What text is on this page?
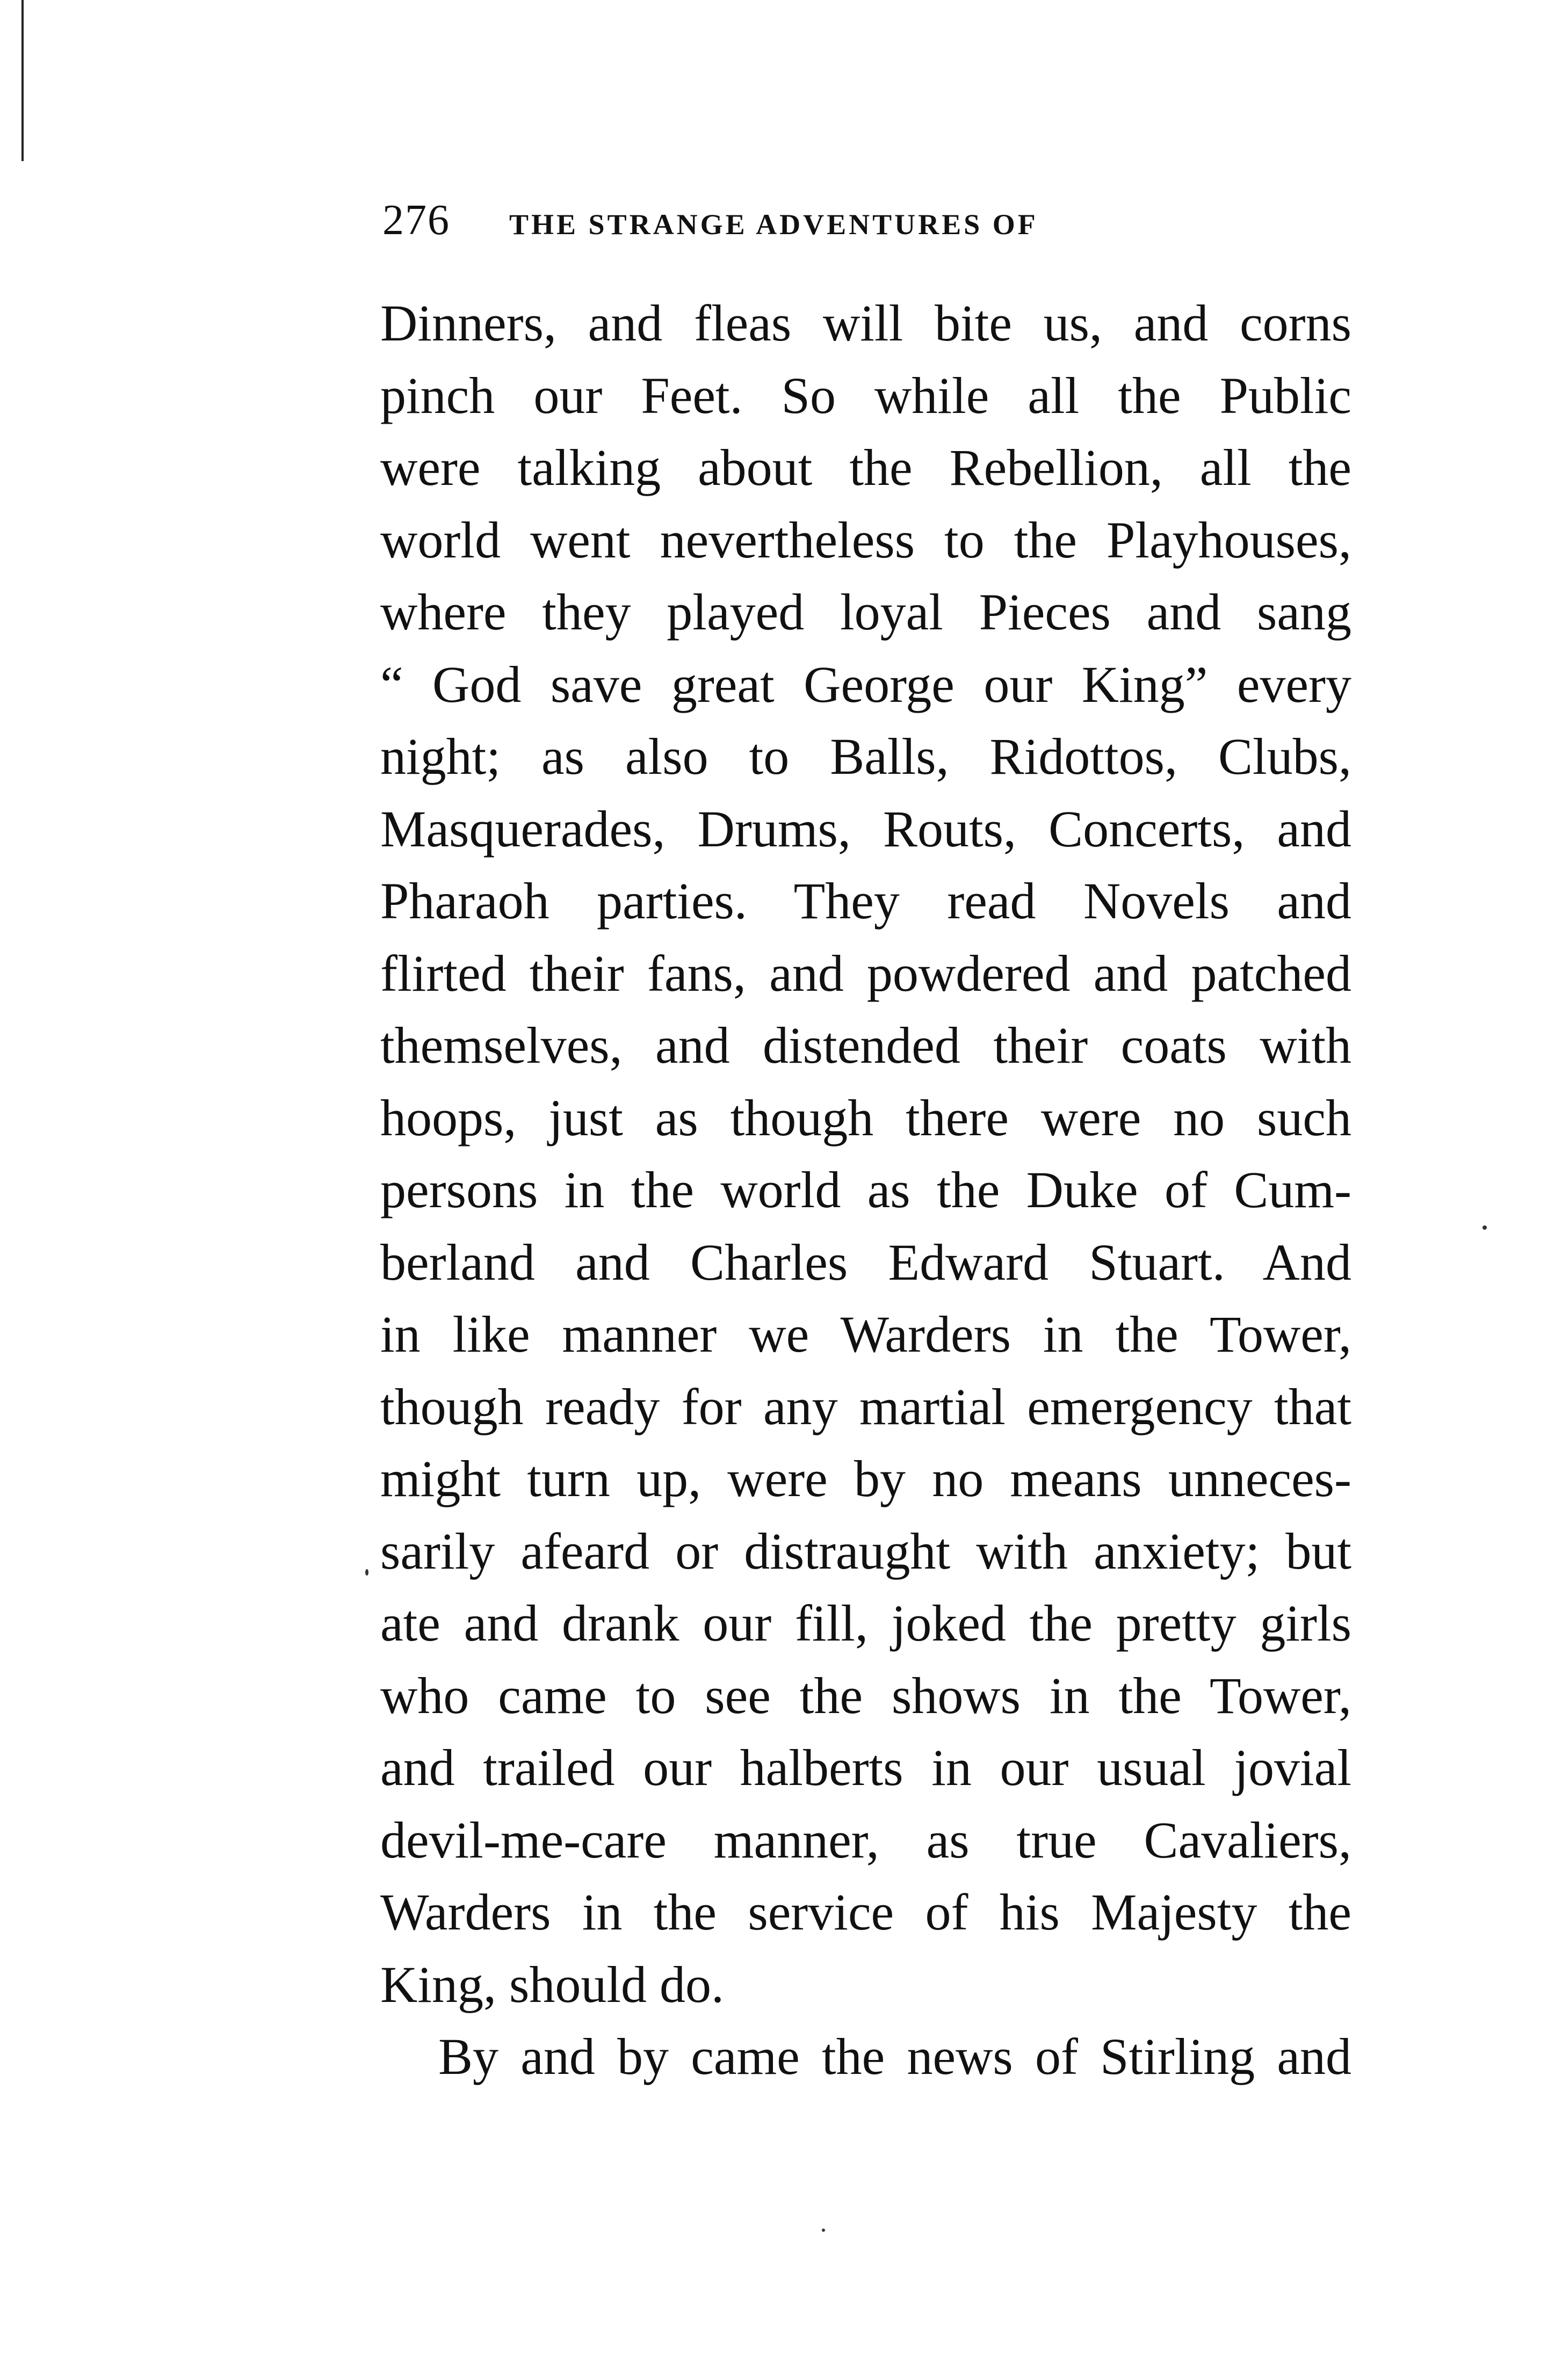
276 THE STRANGE ADVENTURES OF
Dinners, and fleas will bite us, and corns
pinch our Feet. So while all the Public
were talking about the Rebellion, all the
world went nevertheless to the Playhouses,
where they played loyal Pieces and sang
“ God save great George our King” every
night; as also to Balls, Ridottos, Clubs,
Masquerades, Drums, Routs, Concerts, and
Pharaoh parties. They read Novels and
flirted their fans, and powdered and patched
themselves, and distended their coats with
hoops, just as though there were no such
persons in the world as the Duke of Cum-
berland and Charles Edward Stuart. And
in like manner we Warders in the Tower,
though ready for any martial emergency that
might turn up, were by no means unneces-
sarily afeard or distraught with anxiety; but
ate and drank our fill, joked the pretty girls
who came to see the shows in the Tower,
and trailed our halberts in our usual jovial
devil-me-care manner, as true Cavaliers,
Warders in the service of his Majesty the
King, should do.
By and by came the news of Stirling and
